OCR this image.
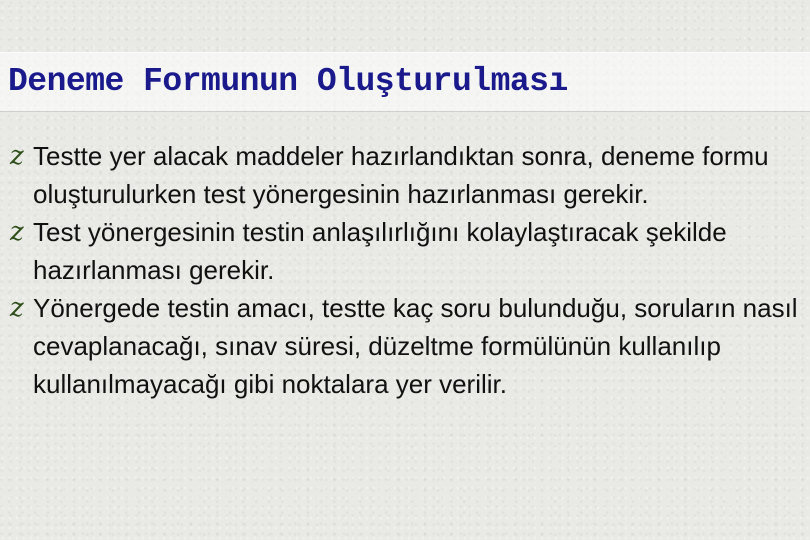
Deneme Formunun Oluşturulması
z Testte yer alacak maddeler hazırlandıktan sonra, deneme formu oluşturulurken test yönergesinin hazırlanması gerekir.
z Test yönergesinin testin anlaşılırlığını kolaylaştıracak şekilde hazırlanması gerekir.
z Yönergede testin amacı, testte kaç soru bulunduğu, soruların nasıl cevaplanacağı, sınav süresi, düzeltme formülünün kullanılıp kullanılmayacağı gibi noktalara yer verilir.
